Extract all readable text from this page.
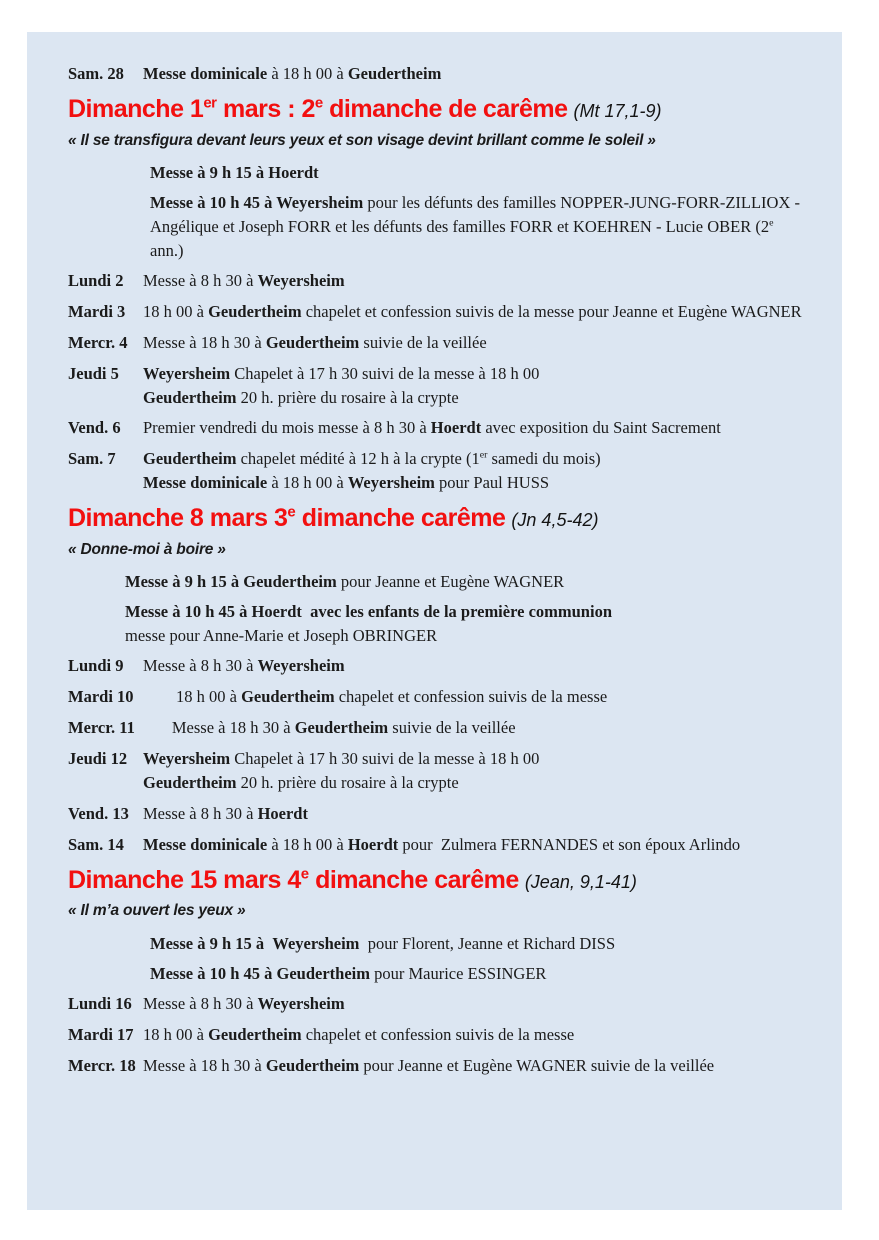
Sam. 28	Messe dominicale à 18 h 00 à Geudertheim
Dimanche 1er mars : 2e dimanche de carême (Mt 17,1-9)
« Il se transfigura devant leurs yeux et son visage devint brillant comme le soleil »
Messe à 9 h 15 à Hoerdt
Messe à 10 h 45 à Weyersheim pour les défunts des familles NOPPER-JUNG-FORR-ZILLIOX - Angélique et Joseph FORR et les défunts des familles FORR et KOEHREN - Lucie OBER (2e ann.)
Lundi 2	Messe à 8 h 30 à Weyersheim
Mardi 3	18 h 00 à Geudertheim chapelet et confession suivis de la messe pour Jeanne et Eugène WAGNER
Mercr. 4 Messe à 18 h 30 à Geudertheim suivie de la veillée
Jeudi 5	Weyersheim Chapelet à 17 h 30 suivi de la messe à 18 h 00
Geudertheim 20 h. prière du rosaire à la crypte
Vend. 6	Premier vendredi du mois messe à 8 h 30 à Hoerdt avec exposition du Saint Sacrement
Sam. 7	Geudertheim chapelet médité à 12 h à la crypte (1er samedi du mois)
Messe dominicale à 18 h 00 à Weyersheim pour Paul HUSS
Dimanche 8 mars 3e dimanche carême (Jn 4,5-42)
« Donne-moi à boire »
Messe à 9 h 15 à Geudertheim pour Jeanne et Eugène WAGNER
Messe à 10 h 45 à Hoerdt  avec les enfants de la première communion
messe pour Anne-Marie et Joseph OBRINGER
Lundi 9	Messe à 8 h 30 à Weyersheim
Mardi 10 18 h 00 à Geudertheim chapelet et confession suivis de la messe
Mercr. 11 Messe à 18 h 30 à Geudertheim suivie de la veillée
Jeudi 12 Weyersheim Chapelet à 17 h 30 suivi de la messe à 18 h 00
Geudertheim 20 h. prière du rosaire à la crypte
Vend. 13 Messe à 8 h 30 à Hoerdt
Sam. 14	Messe dominicale à 18 h 00 à Hoerdt pour  Zulmera FERNANDES et son époux Arlindo
Dimanche 15 mars 4e dimanche carême (Jean, 9,1-41)
« Il m’a ouvert les yeux »
Messe à 9 h 15 à  Weyersheim  pour Florent, Jeanne et Richard DISS
Messe à 10 h 45 à Geudertheim pour Maurice ESSINGER
Lundi 16 Messe à 8 h 30 à Weyersheim
Mardi 17 18 h 00 à Geudertheim chapelet et confession suivis de la messe
Mercr. 18 Messe à 18 h 30 à Geudertheim pour Jeanne et Eugène WAGNER suivie de la veillée
